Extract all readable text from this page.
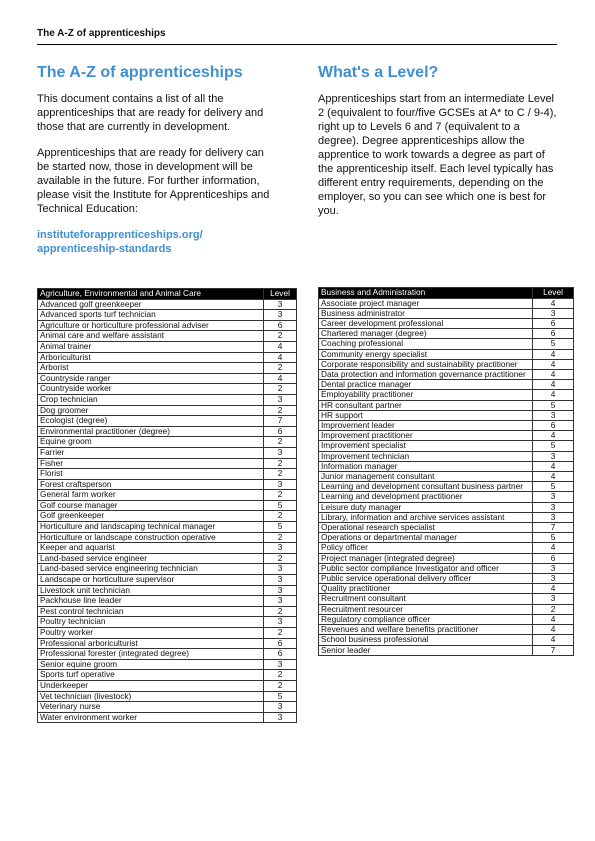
The A-Z of apprenticeships
The A-Z of apprenticeships

This document contains a list of all the apprenticeships that are ready for delivery and those that are currently in development.

Apprenticeships that are ready for delivery can be started now, those in development will be available in the future. For further information, please visit the Institute for Apprenticeships and Technical Education:

instituteforapprenticeships.org/
apprenticeship-standards
What's a Level?

Apprenticeships start from an intermediate Level 2 (equivalent to four/five GCSEs at A* to C / 9-4), right up to Levels 6 and 7 (equivalent to a degree). Degree apprenticeships allow the apprentice to work towards a degree as part of the apprenticeship itself. Each level typically has different entry requirements, depending on the employer, so you can see which one is best for you.

Agriculture, Environmental and Animal Care	Level
Advanced golf greenkeeper	3
Advanced sports turf technician	3
Agriculture or horticulture professional adviser	6
Animal care and welfare assistant	2
Animal trainer	4
Arboriculturist	4
Arborist	2
Countryside ranger	4
Countryside worker	2
Crop technician	3
Dog groomer	2
Ecologist (degree)	7
Environmental practitioner (degree)	6
Equine groom	2
Farrier	3
Fisher	2
Florist	2
Forest craftsperson	3
General farm worker	2
Golf course manager	5
Golf greenkeeper	2
Horticulture and landscaping technical manager	5
Horticulture or landscape construction operative	2
Keeper and aquarist	3
Land-based service engineer	2
Land-based service engineering technician	3
Landscape or horticulture supervisor	3
Livestock unit technician	3
Packhouse line leader	3
Pest control technician	2
Poultry technician	3
Poultry worker	2
Professional arboriculturist	6
Professional forester (integrated degree)	6
Senior equine groom	3
Sports turf operative	2
Underkeeper	2
Vet technician (livestock)	5
Veterinary nurse	3
Water environment worker	3
Business and Administration	Level
Associate project manager	4
Business administrator	3
Career development professional	6
Chartered manager (degree)	6
Coaching professional	5
Community energy specialist	4
Corporate responsibility and sustainability practitioner	4
Data protection and information governance practitioner	4
Dental practice manager	4
Employability practitioner	4
HR consultant partner	5
HR support	3
Improvement leader	6
Improvement practitioner	4
Improvement specialist	5
Improvement technician	3
Information manager	4
Junior management consultant	4
Learning and development consultant business partner	5
Learning and development practitioner	3
Leisure duty manager	3
Library, information and archive services assistant	3
Operational research specialist	7
Operations or departmental manager	5
Policy officer	4
Project manager (integrated degree)	6
Public sector compliance Investigator and officer	3
Public service operational delivery officer	3
Quality practitioner	4
Recruitment consultant	3
Recruitment resourcer	2
Regulatory compliance officer	4
Revenues and welfare benefits practitioner	4
School business professional	4
Senior leader	7
